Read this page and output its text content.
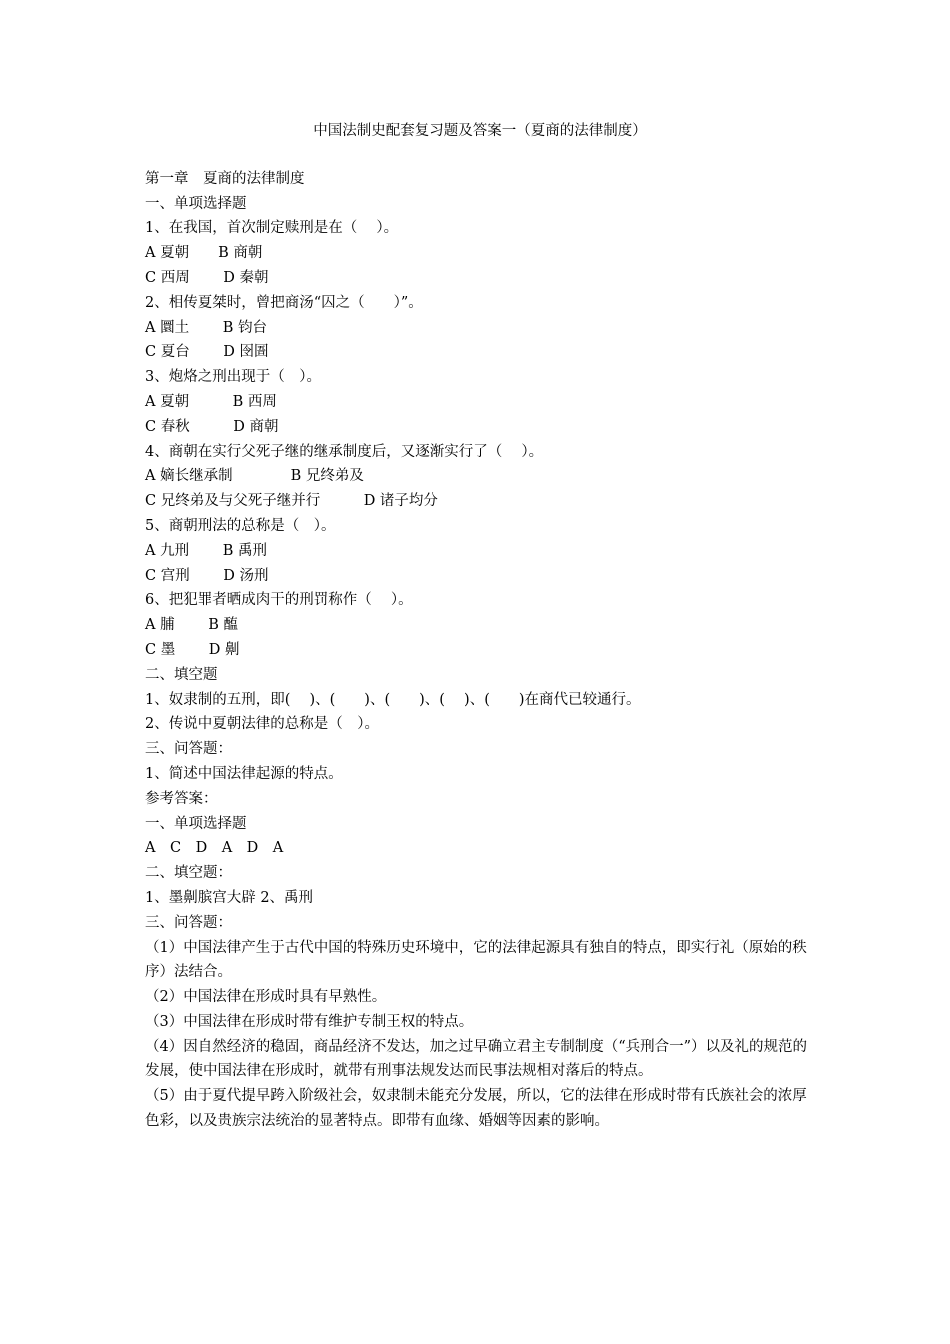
中国法制史配套复习题及答案一（夏商的法律制度）
第一章　夏商的法律制度
一、单项选择题
1、在我国，首次制定赎刑是在（　 ）。
A 夏朝　　B 商朝
C 西周　　 D 秦朝
2、相传夏桀时，曾把商汤“囚之（　　）”。
A 圜土　　 B 钧台
C 夏台　　 D 囹圄
3、炮烙之刑出现于（　）。
A 夏朝　　　B 西周
C 春秋　　　D 商朝
4、商朝在实行父死子继的继承制度后，又逐渐实行了（　 ）。
A 嫡长继承制　　　　B 兄终弟及
C 兄终弟及与父死子继并行　　　D 诸子均分
5、商朝刑法的总称是（　）。
A 九刑　　 B 禹刑
C 宫刑　　 D 汤刑
6、把犯罪者晒成肉干的刑罚称作（　 ）。
A 脯　　 B 醢
C 墨　　 D 劓
二、填空题
1、奴隶制的五刑，即(　 )、(　　)、(　　)、(　 )、(　　)在商代已较通行。
2、传说中夏朝法律的总称是（　）。
三、问答题：
1、简述中国法律起源的特点。
参考答案：
一、单项选择题
A　C　D　A　D　A
二、填空题：
1、墨劓膑宫大辟 2、禹刑
三、问答题：
（1）中国法律产生于古代中国的特殊历史环境中，它的法律起源具有独自的特点，即实行礼（原始的秩序）法结合。
（2）中国法律在形成时具有早熟性。
（3）中国法律在形成时带有维护专制王权的特点。
（4）因自然经济的稳固，商品经济不发达，加之过早确立君主专制制度（“兵刑合一”）以及礼的规范的发展，使中国法律在形成时，就带有刑事法规发达而民事法规相对落后的特点。
（5）由于夏代提早跨入阶级社会，奴隶制未能充分发展，所以，它的法律在形成时带有氏族社会的浓厚色彩，以及贵族宗法统治的显著特点。即带有血缘、婚姻等因素的影响。
